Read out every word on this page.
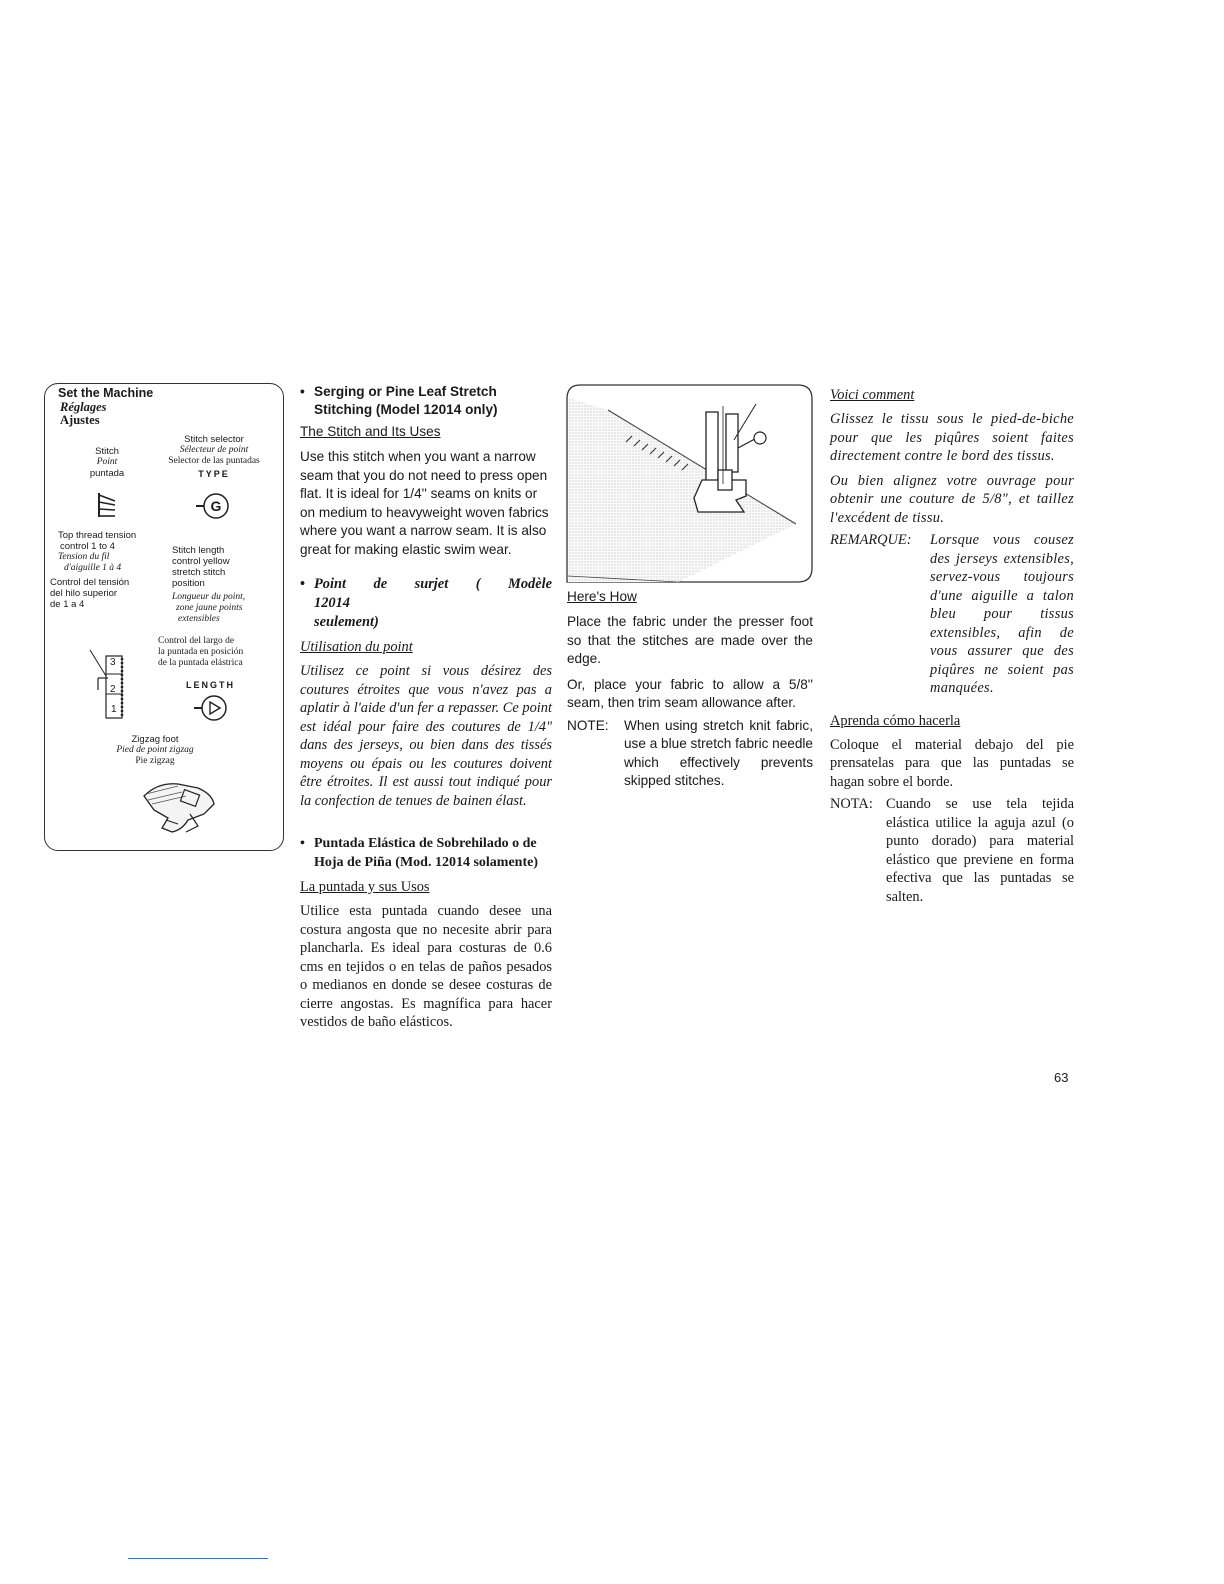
Set the Machine
Réglages
Ajustes
Stitch
Point
puntada
Stitch selector
Sélecteur de point
Selector de las puntadas
TYPE
G
Top thread tension
control 1 to 4
Tension du fil
d'aiguille 1 à 4
Control del tensión
del hilo superior
de 1 a 4
Stitch length
control yellow
stretch stitch
position
Longueur du point,
zone jaune points
extensibles
Control del largo de
la puntada en posición
de la puntada elástrica
3
2
1
LENGTH
Zigzag foot
Pied de point zigzag
Pie zigzag
• Serging or Pine Leaf Stretch
Stitching (Model 12014 only)
The Stitch and Its Uses

Use this stitch when you want a narrow seam that you do not need to press open flat. It is ideal for 1/4'' seams on knits or on medium to heavyweight woven fabrics where you want a narrow seam. It is also great for making elastic swim wear.

• Point de surjet ( Modèle 12014
seulement)
Utilisation du point

Utilisez ce point si vous désirez des coutures étroites que vous n'avez pas a aplatir à l'aide d'un fer a repasser. Ce point est idéal pour faire des coutures de 1/4" dans des jerseys, ou bien dans des tissés moyens ou épais ou les coutures doivent être étroites. Il est aussi tout indiqué pour la confection de tenues de bainen élast.

• Puntada Elástica de Sobrehilado o de
Hoja de Piña (Mod. 12014 solamente)
La puntada y sus Usos

Utilice esta puntada cuando desee una costura angosta que no necesite abrir para plancharla. Es ideal para costuras de 0.6 cms en tejidos o en telas de paños pesados o medianos en donde se desee costuras de cierre angostas. Es magnífica para hacer vestidos de baño elásticos.

Here's How

Place the fabric under the presser foot so that the stitches are made over the edge.

Or, place your fabric to allow a 5/8'' seam, then trim seam allowance after.

NOTE: When using stretch knit fabric, use a blue stretch fabric needle which effectively prevents skipped stitches.

Voici comment

Glissez le tissu sous le pied-de-biche pour que les piqûres soient faites directement contre le bord des tissus.

Ou bien alignez votre ouvrage pour obtenir une couture de 5/8", et taillez l'excédent de tissu.

REMARQUE: Lorsque vous cousez des jerseys extensibles, servez-vous toujours d'une aiguille a talon bleu pour tissus extensibles, afin de vous assurer que des piqûres ne soient pas manquées.

Aprenda cómo hacerla

Coloque el material debajo del pie prensatelas para que las puntadas se hagan sobre el borde.

NOTA: Cuando se use tela tejida elástica utilice la aguja azul (o punto dorado) para material elástico que previene en forma efectiva que las puntadas se salten.

63
